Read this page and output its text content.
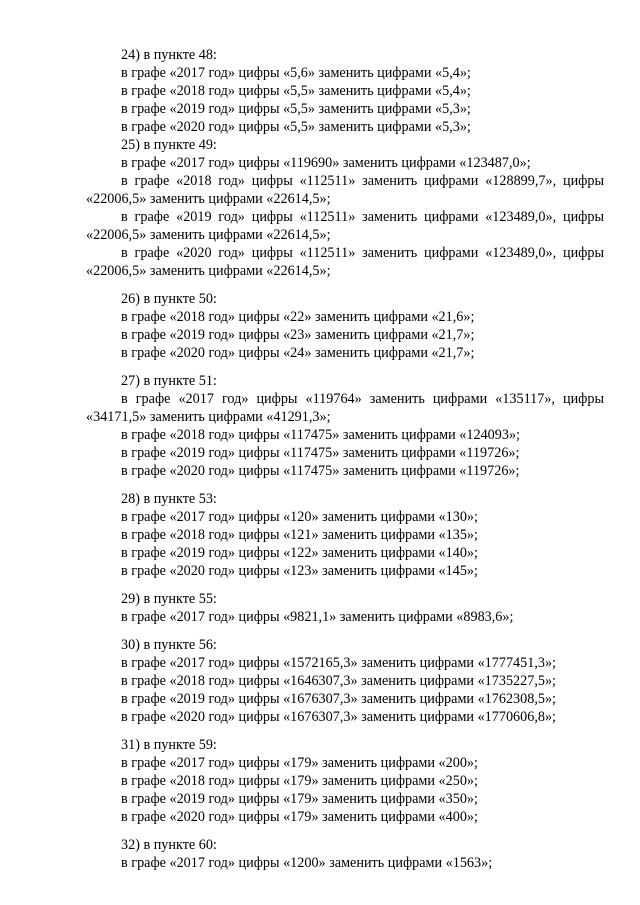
24) в пункте 48:

в графе «2017 год» цифры «5,6» заменить цифрами «5,4»;

в графе «2018 год» цифры «5,5» заменить цифрами «5,4»;

в графе «2019 год» цифры «5,5» заменить цифрами «5,3»;

в графе «2020 год» цифры «5,5» заменить цифрами «5,3»;

25) в пункте 49:

в графе «2017 год» цифры «119690» заменить цифрами «123487,0»;

в графе «2018 год» цифры «112511» заменить цифрами «128899,7», цифры «22006,5» заменить цифрами «22614,5»;

в графе «2019 год» цифры «112511» заменить цифрами «123489,0», цифры «22006,5» заменить цифрами «22614,5»;

в графе «2020 год» цифры «112511» заменить цифрами «123489,0», цифры «22006,5» заменить цифрами «22614,5»;

26) в пункте 50:

в графе «2018 год» цифры «22» заменить цифрами «21,6»;

в графе «2019 год» цифры «23» заменить цифрами «21,7»;

в графе «2020 год» цифры «24» заменить цифрами «21,7»;

27) в пункте 51:

в графе «2017 год» цифры «119764» заменить цифрами «135117», цифры «34171,5» заменить цифрами «41291,3»;

в графе «2018 год» цифры «117475» заменить цифрами «124093»;

в графе «2019 год» цифры «117475» заменить цифрами «119726»;

в графе «2020 год» цифры «117475» заменить цифрами «119726»;

28) в пункте 53:

в графе «2017 год» цифры «120» заменить цифрами «130»;

в графе «2018 год» цифры «121» заменить цифрами «135»;

в графе «2019 год» цифры «122» заменить цифрами «140»;

в графе «2020 год» цифры «123» заменить цифрами «145»;

29) в пункте 55:

в графе «2017 год» цифры «9821,1» заменить цифрами «8983,6»;

30) в пункте 56:

в графе «2017 год» цифры «1572165,3» заменить цифрами «1777451,3»;

в графе «2018 год» цифры «1646307,3» заменить цифрами «1735227,5»;

в графе «2019 год» цифры «1676307,3» заменить цифрами «1762308,5»;

в графе «2020 год» цифры «1676307,3» заменить цифрами «1770606,8»;

31) в пункте 59:

в графе «2017 год» цифры «179» заменить цифрами «200»;

в графе «2018 год» цифры «179» заменить цифрами «250»;

в графе «2019 год» цифры «179» заменить цифрами «350»;

в графе «2020 год» цифры «179» заменить цифрами «400»;

32) в пункте 60:

в графе «2017 год» цифры «1200» заменить цифрами «1563»;
